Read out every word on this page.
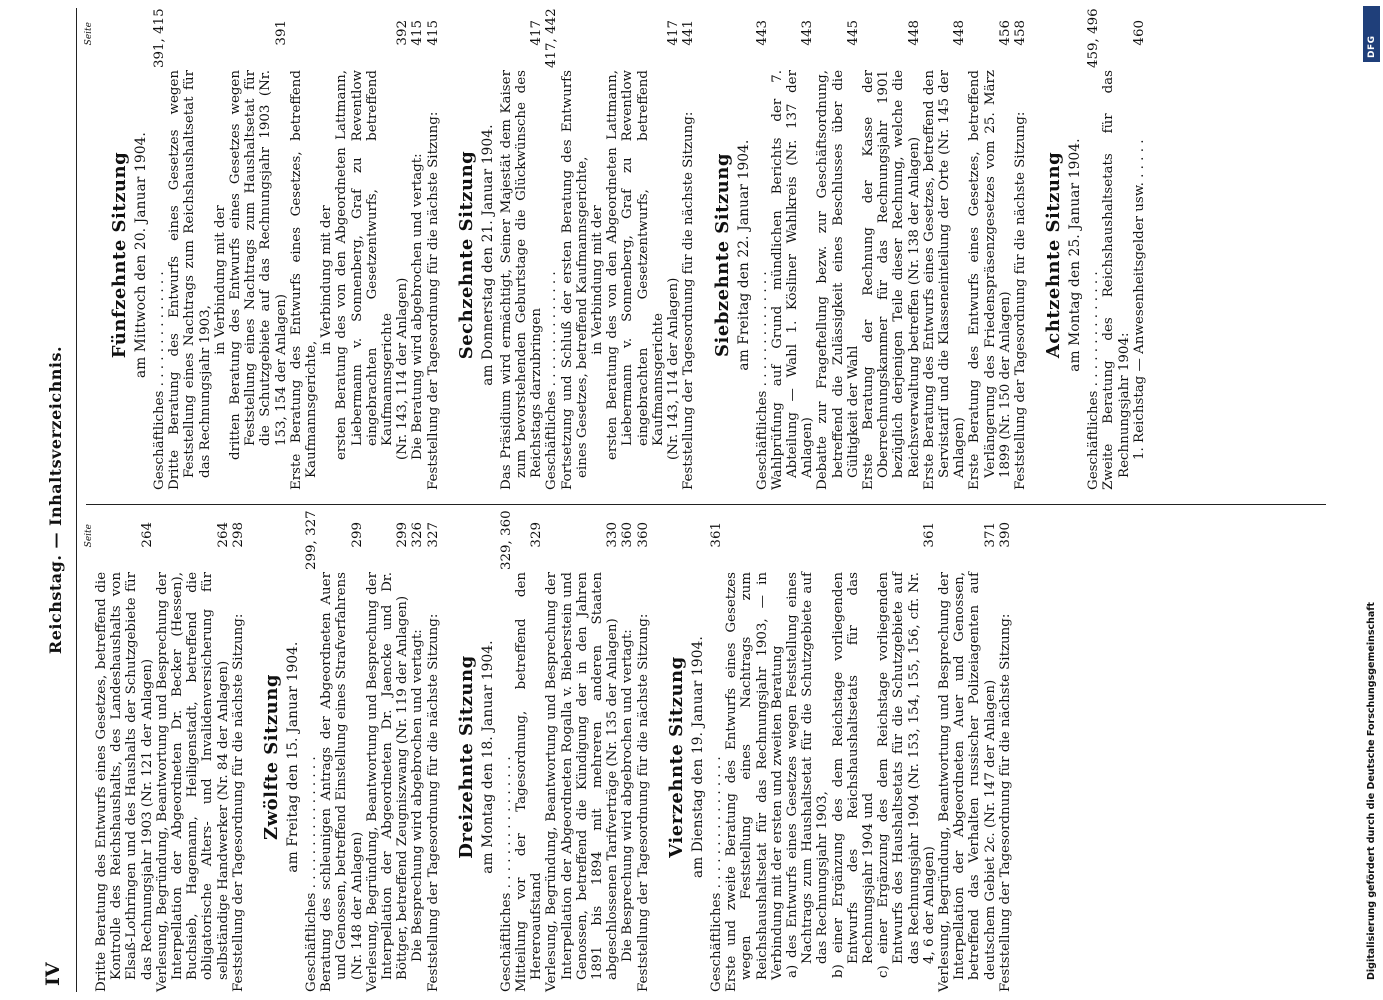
IV
Reichstag. — Inhaltsverzeichnis. Seite
Dritte Beratung des Entwurfs eines Gesetzes, betreffend die Kontrolle des Reichshaushalts, des Landeshaushalts von Elsaß-Lothringen und des Haushalts der Schutzgebiete für das Rechnungsjahr 1903 (Nr. 121 der Anlagen)
264
Verlesung, Begründung, Beantwortung und Besprechung der Interpellation der Abgeordneten Dr. Becker (Hessen), Buchsieb, Hagemann, Heiligenstadt, betreffend die obligatorische Alters- und Invalidenversicherung für selbständige Handwerker (Nr. 84 der Anlagen)
264
Feststellung der Tagesordnung für die nächste Sitzung:
298
Zwölfte Sitzung am Freitag den 15. Januar 1904. Geschäftliches . . . . . . . . . . . . . . . .
299, 327
Beratung des schleunigen Antrags der Abgeordneten Auer und Genossen, betreffend Einstellung eines Strafverfahrens (Nr. 148 der Anlagen)
299
Verlesung, Begründung, Beantwortung und Besprechung der Interpellation der Abgeordneten Dr. Jaencke und Dr. Böttger, betreffend Zeugniszwang (Nr. 119 der Anlagen)
299
Die Besprechung wird abgebrochen und vertagt:
326
Feststellung der Tagesordnung für die nächste Sitzung:
327
Dreizehnte Sitzung am Montag den 18. Januar 1904. Geschäftliches . . . . . . . . . . . . . . . .
329, 360
Mitteilung vor der Tagesordnung, betreffend den Hereroaufstand
329
Verlesung, Begründung, Beantwortung und Besprechung der Interpellation der Abgeordneten Rogalla v. Bieberstein und Genossen, betreffend die Kündigung der in den Jahren 1891 bis 1894 mit mehreren anderen Staaten abgeschlossenen Tarifverträge (Nr. 135 der Anlagen)
330
Die Besprechung wird abgebrochen und vertagt:
360
Feststellung der Tagesordnung für die nächste Sitzung:
360
Vierzehnte Sitzung am Dienstag den 19. Januar 1904. Geschäftliches . . . . . . . . . . . . . . . .
361
Erste und zweite Beratung des Entwurfs eines Gesetzes wegen Feststellung eines Nachtrags zum Reichshaushaltsetat für das Rechnungsjahr 1903, — in Verbindung mit der ersten und zweiten Beratung a) des Entwurfs eines Gesetzes wegen Feststellung eines Nachtrags zum Haushaltsetat für die Schutzgebiete auf das Rechnungsjahr 1903, b) einer Ergänzung des dem Reichstage vorliegenden Entwurfs des Reichshaushaltsetats für das Rechnungsjahr 1904 und c) einer Ergänzung des dem Reichstage vorliegenden Entwurfs des Haushaltsetats für die Schutzgebiete auf das Rechnungsjahr 1904 (Nr. 153, 154, 155, 156, cfr. Nr. 4, 6 der Anlagen)
361
Verlesung, Begründung, Beantwortung und Besprechung der Interpellation der Abgeordneten Auer und Genossen, betreffend das Verhalten russischer Polizeiagenten auf deutschem Gebiet 2c. (Nr. 147 der Anlagen)
371
Feststellung der Tagesordnung für die nächste Sitzung:
390
Seite
Fünfzehnte Sitzung am Mittwoch den 20. Januar 1904.
Geschäftliches . . . . . . . . . . . . . .
391, 415
Dritte Beratung des Entwurfs eines Gesetzes wegen Feststellung eines Nachtrags zum Reichshaushaltsetat für das Rechnungsjahr 1903,
in Verbindung mit der dritten Beratung des Entwurfs eines Gesetzes wegen Feststellung eines Nachtrags zum Haushaltsetat für die Schutzgebiete auf das Rechnungsjahr 1903 (Nr. 153, 154 der Anlagen)
391
Erste Beratung des Entwurfs eines Gesetzes, betreffend Kaufmannsgerichte,
in Verbindung mit der ersten Beratung des von den Abgeordneten Lattmann, Liebermann v. Sonnenberg, Graf zu Reventlow eingebrachten Gesetzentwurfs, betreffend Kaufmannsgerichte (Nr. 143, 114 der Anlagen)
392
Die Beratung wird abgebrochen und vertagt:
415
Feststellung der Tagesordnung für die nächste Sitzung:
415
Sechzehnte Sitzung am Donnerstag den 21. Januar 1904. Das Präsidium wird ermächtigt, Seiner Majestät dem Kaiser zum bevorstehenden Geburtstage die Glückwünsche des Reichstags darzubringen
417
Geschäftliches . . . . . . . . . . . . . .
417, 442
Fortsetzung und Schluß der ersten Beratung des Entwurfs eines Gesetzes, betreffend Kaufmannsgerichte, in Verbindung mit der ersten Beratung des von den Abgeordneten Lattmann, Liebermann v. Sonnenberg, Graf zu Reventlow eingebrachten Gesetzentwurfs, betreffend Kaufmannsgerichte (Nr. 143, 114 der Anlagen)
417
Feststellung der Tagesordnung für die nächste Sitzung:
441
Siebzehnte Sitzung am Freitag den 22. Januar 1904.
Geschäftliches . . . . . . . . . . . . . .
443
Wahlprüfung auf Grund mündlichen Berichts der 7. Abteilung — Wahl 1. Kösliner Wahlkreis (Nr. 137 der Anlagen)
443
Debatte zur Frageftellung bezw. zur Geschäftsordnung, betreffend die Zulässigkeit eines Beschlusses über die Gültigkeit der Wahl
445
Erste Beratung der Rechnung der Kasse der Oberrechnungskammer für das Rechnungsjahr 1901 bezüglich derjenigen Teile dieser Rechnung, welche die Reichsverwaltung betreffen (Nr. 138 der Anlagen)
448
Erste Beratung des Entwurfs eines Gesetzes, betreffend den Servistarif und die Klasseneinteilung der Orte (Nr. 145 der Anlagen)
448
Erste Beratung des Entwurfs eines Gesetzes, betreffend Verlängerung des Friedenspräsenzgesetzes vom 25. März 1899 (Nr. 150 der Anlagen)
456
Feststellung der Tagesordnung für die nächste Sitzung:
458
Achtzehnte Sitzung am Montag den 25. Januar 1904.
Geschäftliches . . . . . . . . . . . . . .
459, 496
Zweite Beratung des Reichshaushaltsetats für das Rechnungsjahr 1904: 1. Reichstag — Anwesenheitsgelder usw. . . . . .
460
DFG
Digitalisierung gefördert durch die Deutsche Forschungsgemeinschaft
